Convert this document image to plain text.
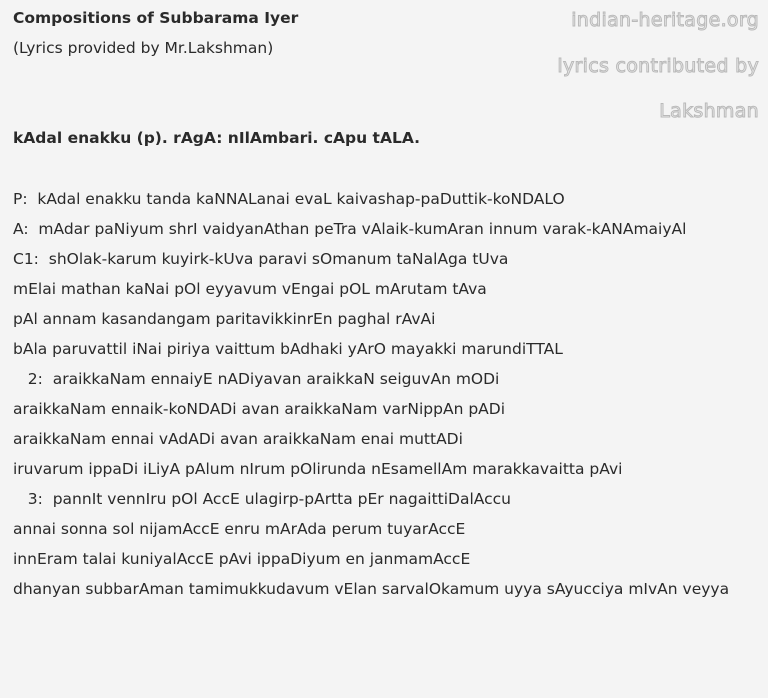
Compositions of Subbarama Iyer
(Lyrics provided by Mr.Lakshman)
indian-heritage.org
lyrics contributed by
Lakshman
kAdal enakku (p). rAgA: nIlAmbari. cApu tALA.
P:  kAdal enakku tanda kaNNALanai evaL kaivashap-paDuttik-koNDALO
A:  mAdar paNiyum shrI vaidyanAthan peTra vAlaik-kumAran innum varak-kANAmaiyAl
C1:  shOlak-karum kuyirk-kUva paravi sOmanum taNalAga tUva
mElai mathan kaNai pOl eyyavum vEngai pOL mArutam tAva
pAl annam kasandangam paritavikkinrEn paghal rAvAi
bAla paruvattil iNai piriya vaittum bAdhaki yArO mayakki marundiTTAL
2:  araikkaNam ennaiyE nADiyavan araikkaN seiguvAn mODi
araikkaNam ennaik-koNDADi avan araikkaNam varNippAn pADi
araikkaNam ennai vAdADi avan araikkaNam enai muttADi
iruvarum ippaDi iLiyA pAlum nIrum pOlirunda nEsamellAm marakkavaitta pAvi
3:  pannIt vennIru pOl AccE ulagirp-pArtta pEr nagaittiDalAccu
annai sonna sol nijamAccE enru mArAda perum tuyarAccE
innEram talai kuniyalAccE pAvi ippaDiyum en janmamAccE
dhanyan subbarAman tamimukkudavum vElan sarvalOkamum uyya sAyucciya mIvAn veyya
